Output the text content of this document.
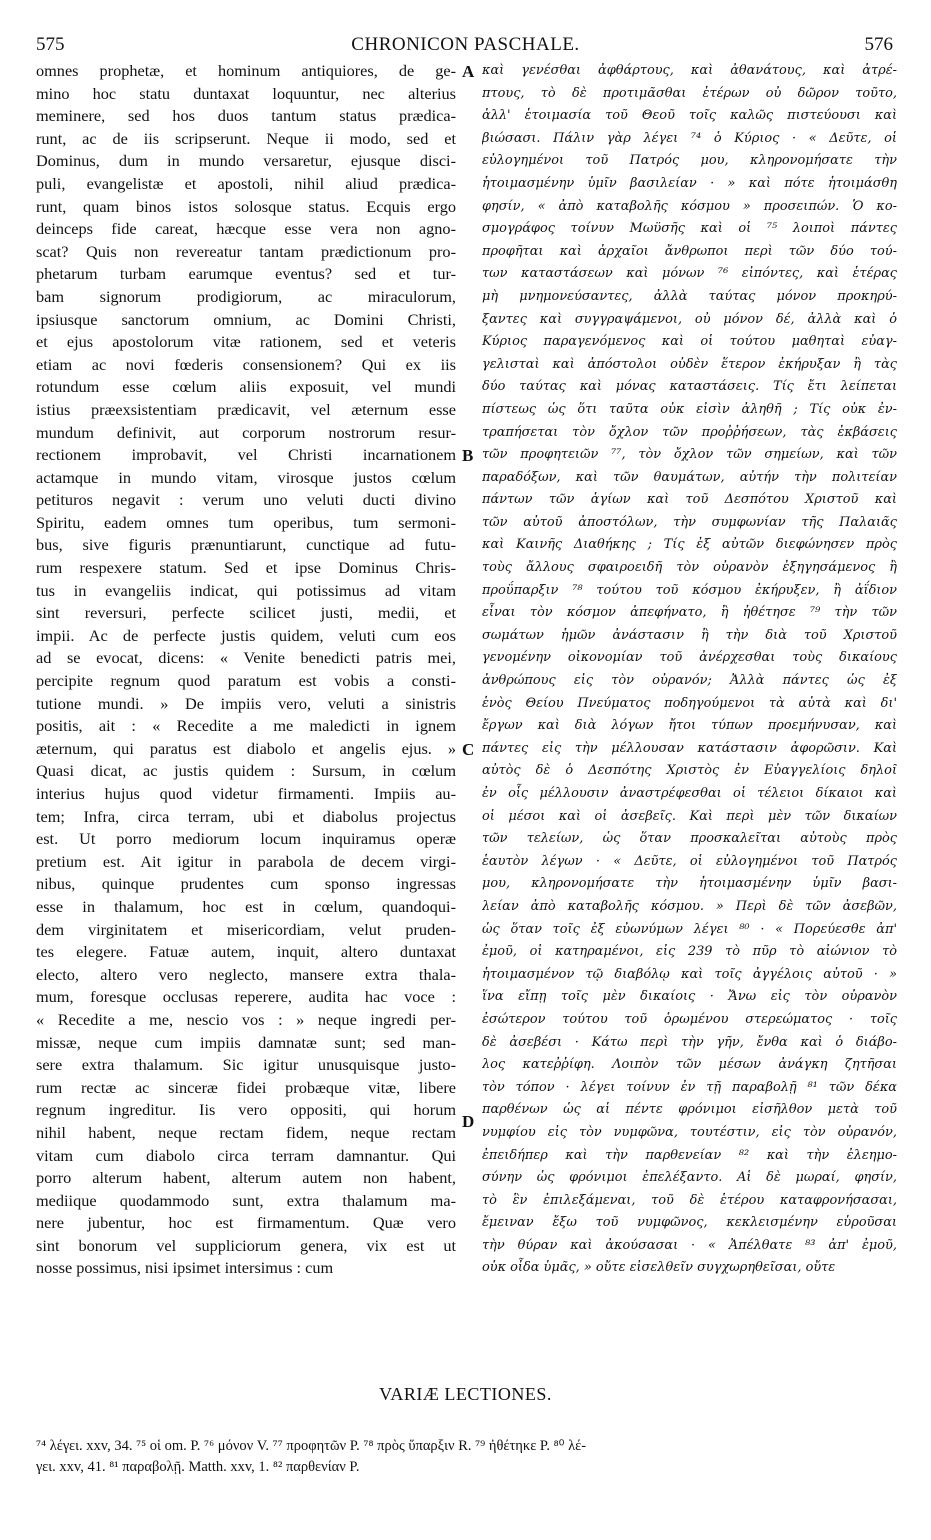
575	CHRONICON PASCHALE.	576
omnes prophetæ, et hominum antiquiores, de ge-
mino hoc statu duntaxat loquuntur, nec alterius
meminere, sed hos duos tantum status prædica-
runt, ac de iis scripserunt. Neque ii modo, sed et
Dominus, dum in mundo versaretur, ejusque disci-
puli, evangelistæ et apostoli, nihil aliud prædica-
runt, quam binos istos solosque status. Ecquis ergo
deinceps fide careat, hæcque esse vera non agno-
scat? Quis non revereatur tantam prædictionum pro-
phetarum turbam earumque eventus? sed et tur-
bam signorum prodigiorum, ac miraculorum,
ipsiusque sanctorum omnium, ac Domini Christi,
et ejus apostolorum vitæ rationem, sed et veteris
etiam ac novi fœderis consensionem? Qui ex iis
rotundum esse cœlum aliis exposuit, vel mundi
istius præexsistentiam prædicavit, vel æternum esse
mundum definivit, aut corporum nostrorum resur-
rectionem improbavit, vel Christi incarnationem
actamque in mundo vitam, virosque justos cœlum
petituros negavit : verum uno veluti ducti divino
Spiritu, eadem omnes tum operibus, tum sermoni-
bus, sive figuris prænuntiarunt, cunctique ad futu-
rum respexere statum. Sed et ipse Dominus Chris-
tus in evangeliis indicat, qui potissimus ad vitam
sint reversuri, perfecte scilicet justi, medii, et
impii. Ac de perfecte justis quidem, veluti cum eos
ad se evocat, dicens: « Venite benedicti patris mei,
percipite regnum quod paratum est vobis a consti-
tutione mundi. » De impiis vero, veluti a sinistris
positis, ait : « Recedite a me maledicti in ignem
æternum, qui paratus est diabolo et angelis ejus. »
Quasi dicat, ac justis quidem : Sursum, in cœlum
interius hujus quod videtur firmamenti. Impiis au-
tem; Infra, circa terram, ubi et diabolus projectus
est. Ut porro mediorum locum inquiramus operæ
pretium est. Ait igitur in parabola de decem virgi-
nibus, quinque prudentes cum sponso ingressas
esse in thalamum, hoc est in cœlum, quandoqui-
dem virginitatem et misericordiam, velut pruden-
tes elegere. Fatuæ autem, inquit, altero duntaxat
electo, altero vero neglecto, mansere extra thala-
mum, foresque occlusas reperere, audita hac voce :
« Recedite a me, nescio vos : » neque ingredi per-
missæ, neque cum impiis damnatæ sunt; sed man-
sere extra thalamum. Sic igitur unusquisque justo-
rum rectæ ac sinceræ fidei probæque vitæ, libere
regnum ingreditur. Iis vero oppositi, qui horum
nihil habent, neque rectam fidem, neque rectam
vitam cum diabolo circa terram damnantur. Qui
porro alterum habent, alterum autem non habent,
mediique quodammodo sunt, extra thalamum ma-
nere jubentur, hoc est firmamentum. Quæ vero
sint bonorum vel suppliciorum genera, vix est ut
nosse possimus, nisi ipsimet intersimus : cum
καὶ γενέσθαι ἀφθάρτους, καὶ ἀθανάτους, καὶ ἀτρέ-
πτους, τὸ δὲ προτιμᾶσθαι ἑτέρων οὐ δῶρον τοῦτο,
ἀλλ' ἑτοιμασία τοῦ Θεοῦ τοῖς καλῶς πιστεύουσι καὶ
βιώσασι. Πάλιν γὰρ λέγει ⁷⁴ ὁ Κύριος · « Δεῦτε, οἱ
εὐλογημένοι τοῦ Πατρός μου, κληρονομήσατε τὴν
ἡτοιμασμένην ὑμῖν βασιλείαν · » καὶ πότε ἡτοιμάσθη
φησίν, « ἀπὸ καταβολῆς κόσμου » προσειπών. Ὁ κο-
σμογράφος τοίνυν Μωϋσῆς καὶ οἱ ⁷⁵ λοιποὶ πάντες
προφῆται καὶ ἀρχαῖοι ἄνθρωποι περὶ τῶν δύο τού-
των καταστάσεων καὶ μόνων ⁷⁶ εἰπόντες, καὶ ἑτέρας
μὴ μνημονεύσαντες, ἀλλὰ ταύτας μόνον προκηρύ-
ξαντες καὶ συγγραψάμενοι, οὐ μόνον δέ, ἀλλὰ καὶ ὁ
Κύριος παραγενόμενος καὶ οἱ τούτου μαθηταὶ εὐαγ-
γελισταὶ καὶ ἀπόστολοι οὐδὲν ἕτερον ἐκήρυξαν ἢ τὰς
δύο ταύτας καὶ μόνας καταστάσεις. Τίς ἔτι λείπεται
πίστεως ὡς ὅτι ταῦτα οὐκ εἰσὶν ἀληθῆ ; Τίς οὐκ ἐν-
τραπήσεται τὸν ὄχλον τῶν προῤῥήσεων, τὰς ἐκβάσεις
τῶν προφητειῶν ⁷⁷, τὸν ὄχλον τῶν σημείων, καὶ τῶν
παραδόξων, καὶ τῶν θαυμάτων, αὐτήν τὴν πολιτείαν
πάντων τῶν ἁγίων καὶ τοῦ Δεσπότου Χριστοῦ καὶ
τῶν αὐτοῦ ἀποστόλων, τὴν συμφωνίαν τῆς Παλαιᾶς
καὶ Καινῆς Διαθήκης ; Τίς ἐξ αὐτῶν διεφώνησεν πρὸς
τοὺς ἄλλους σφαιροειδῆ τὸν οὐρανὸν ἐξηγησάμενος ἢ
προΰπαρξιν ⁷⁸ τούτου τοῦ κόσμου ἐκήρυξεν, ἢ ἀΐδιον
εἶναι τὸν κόσμον ἀπεφήνατο, ἢ ἠθέτησε ⁷⁹ τὴν τῶν
σωμάτων ἡμῶν ἀνάστασιν ἢ τὴν διὰ τοῦ Χριστοῦ
γενομένην οἰκονομίαν τοῦ ἀνέρχεσθαι τοὺς δικαίους
ἀνθρώπους εἰς τὸν οὐρανόν; Ἀλλὰ πάντες ὡς ἐξ
ἑνὸς Θείου Πνεύματος ποδηγούμενοι τὰ αὐτὰ καὶ δι'
ἔργων καὶ διὰ λόγων ἤτοι τύπων προεμήνυσαν, καὶ
πάντες εἰς τὴν μέλλουσαν κατάστασιν ἀφορῶσιν. Καὶ
αὐτὸς δὲ ὁ Δεσπότης Χριστὸς ἐν Εὐαγγελίοις δηλοῖ
ἐν οἷς μέλλουσιν ἀναστρέφεσθαι οἱ τέλειοι δίκαιοι καὶ
οἱ μέσοι καὶ οἱ ἀσεβεῖς. Καὶ περὶ μὲν τῶν δικαίων
τῶν τελείων, ὡς ὅταν προσκαλεῖται αὐτοὺς πρὸς
ἑαυτὸν λέγων · « Δεῦτε, οἱ εὐλογημένοι τοῦ Πατρός
μου, κληρονομήσατε τὴν ἡτοιμασμένην ὑμῖν βασι-
λείαν ἀπὸ καταβολῆς κόσμου. » Περὶ δὲ τῶν ἀσεβῶν,
ὡς ὅταν τοῖς ἐξ εὐωνύμων λέγει ⁸⁰ · « Πορεύεσθε ἀπ'
ἐμοῦ, οἱ κατηραμένοι, εἰς 239 τὸ πῦρ τὸ αἰώνιον τὸ
ἡτοιμασμένον τῷ διαβόλῳ καὶ τοῖς ἀγγέλοις αὐτοῦ · »
ἵνα εἴπῃ τοῖς μὲν δικαίοις · Ἄνω εἰς τὸν οὐρανὸν
ἐσώτερον τούτου τοῦ ὁρωμένου στερεώματος · τοῖς
δὲ ἀσεβέσι · Κάτω περὶ τὴν γῆν, ἔνθα καὶ ὁ διάβο-
λος κατεῤῥίφη. Λοιπὸν τῶν μέσων ἀνάγκη ζητῆσαι
τὸν τόπον · λέγει τοίνυν ἐν τῇ παραβολῇ ⁸¹ τῶν δέκα
παρθένων ὡς αἱ πέντε φρόνιμοι εἰσῆλθον μετὰ τοῦ
νυμφίου εἰς τὸν νυμφῶνα, τουτέστιν, εἰς τὸν οὐρανόν,
ἐπειδήπερ καὶ τὴν παρθενείαν ⁸² καὶ τὴν ἐλεημο-
σύνην ὡς φρόνιμοι ἐπελέξαντο. Αἱ δὲ μωραί, φησίν,
τὸ ἓν ἐπιλεξάμεναι, τοῦ δὲ ἑτέρου καταφρονήσασαι,
ἔμειναν ἔξω τοῦ νυμφῶνος, κεκλεισμένην εὑροῦσαι
τὴν θύραν καὶ ἀκούσασαι · « Ἀπέλθατε ⁸³ ἀπ' ἐμοῦ,
οὐκ οἶδα ὑμᾶς, » οὔτε εἰσελθεῖν συγχωρηθεῖσαι, οὔτε
A
B
C
D
VARIÆ LECTIONES.
⁷⁴ λέγει. xxv, 34. ⁷⁵ οἱ om. P. ⁷⁶ μόνον V. ⁷⁷ προφητῶν P. ⁷⁸ πρὸς ὕπαρξιν R. ⁷⁹ ἠθέτηκε P. ⁸⁰ λέ-
γει. xxv, 41. ⁸¹ παραβολῇ. Matth. xxv, 1. ⁸² παρθενίαν P.
